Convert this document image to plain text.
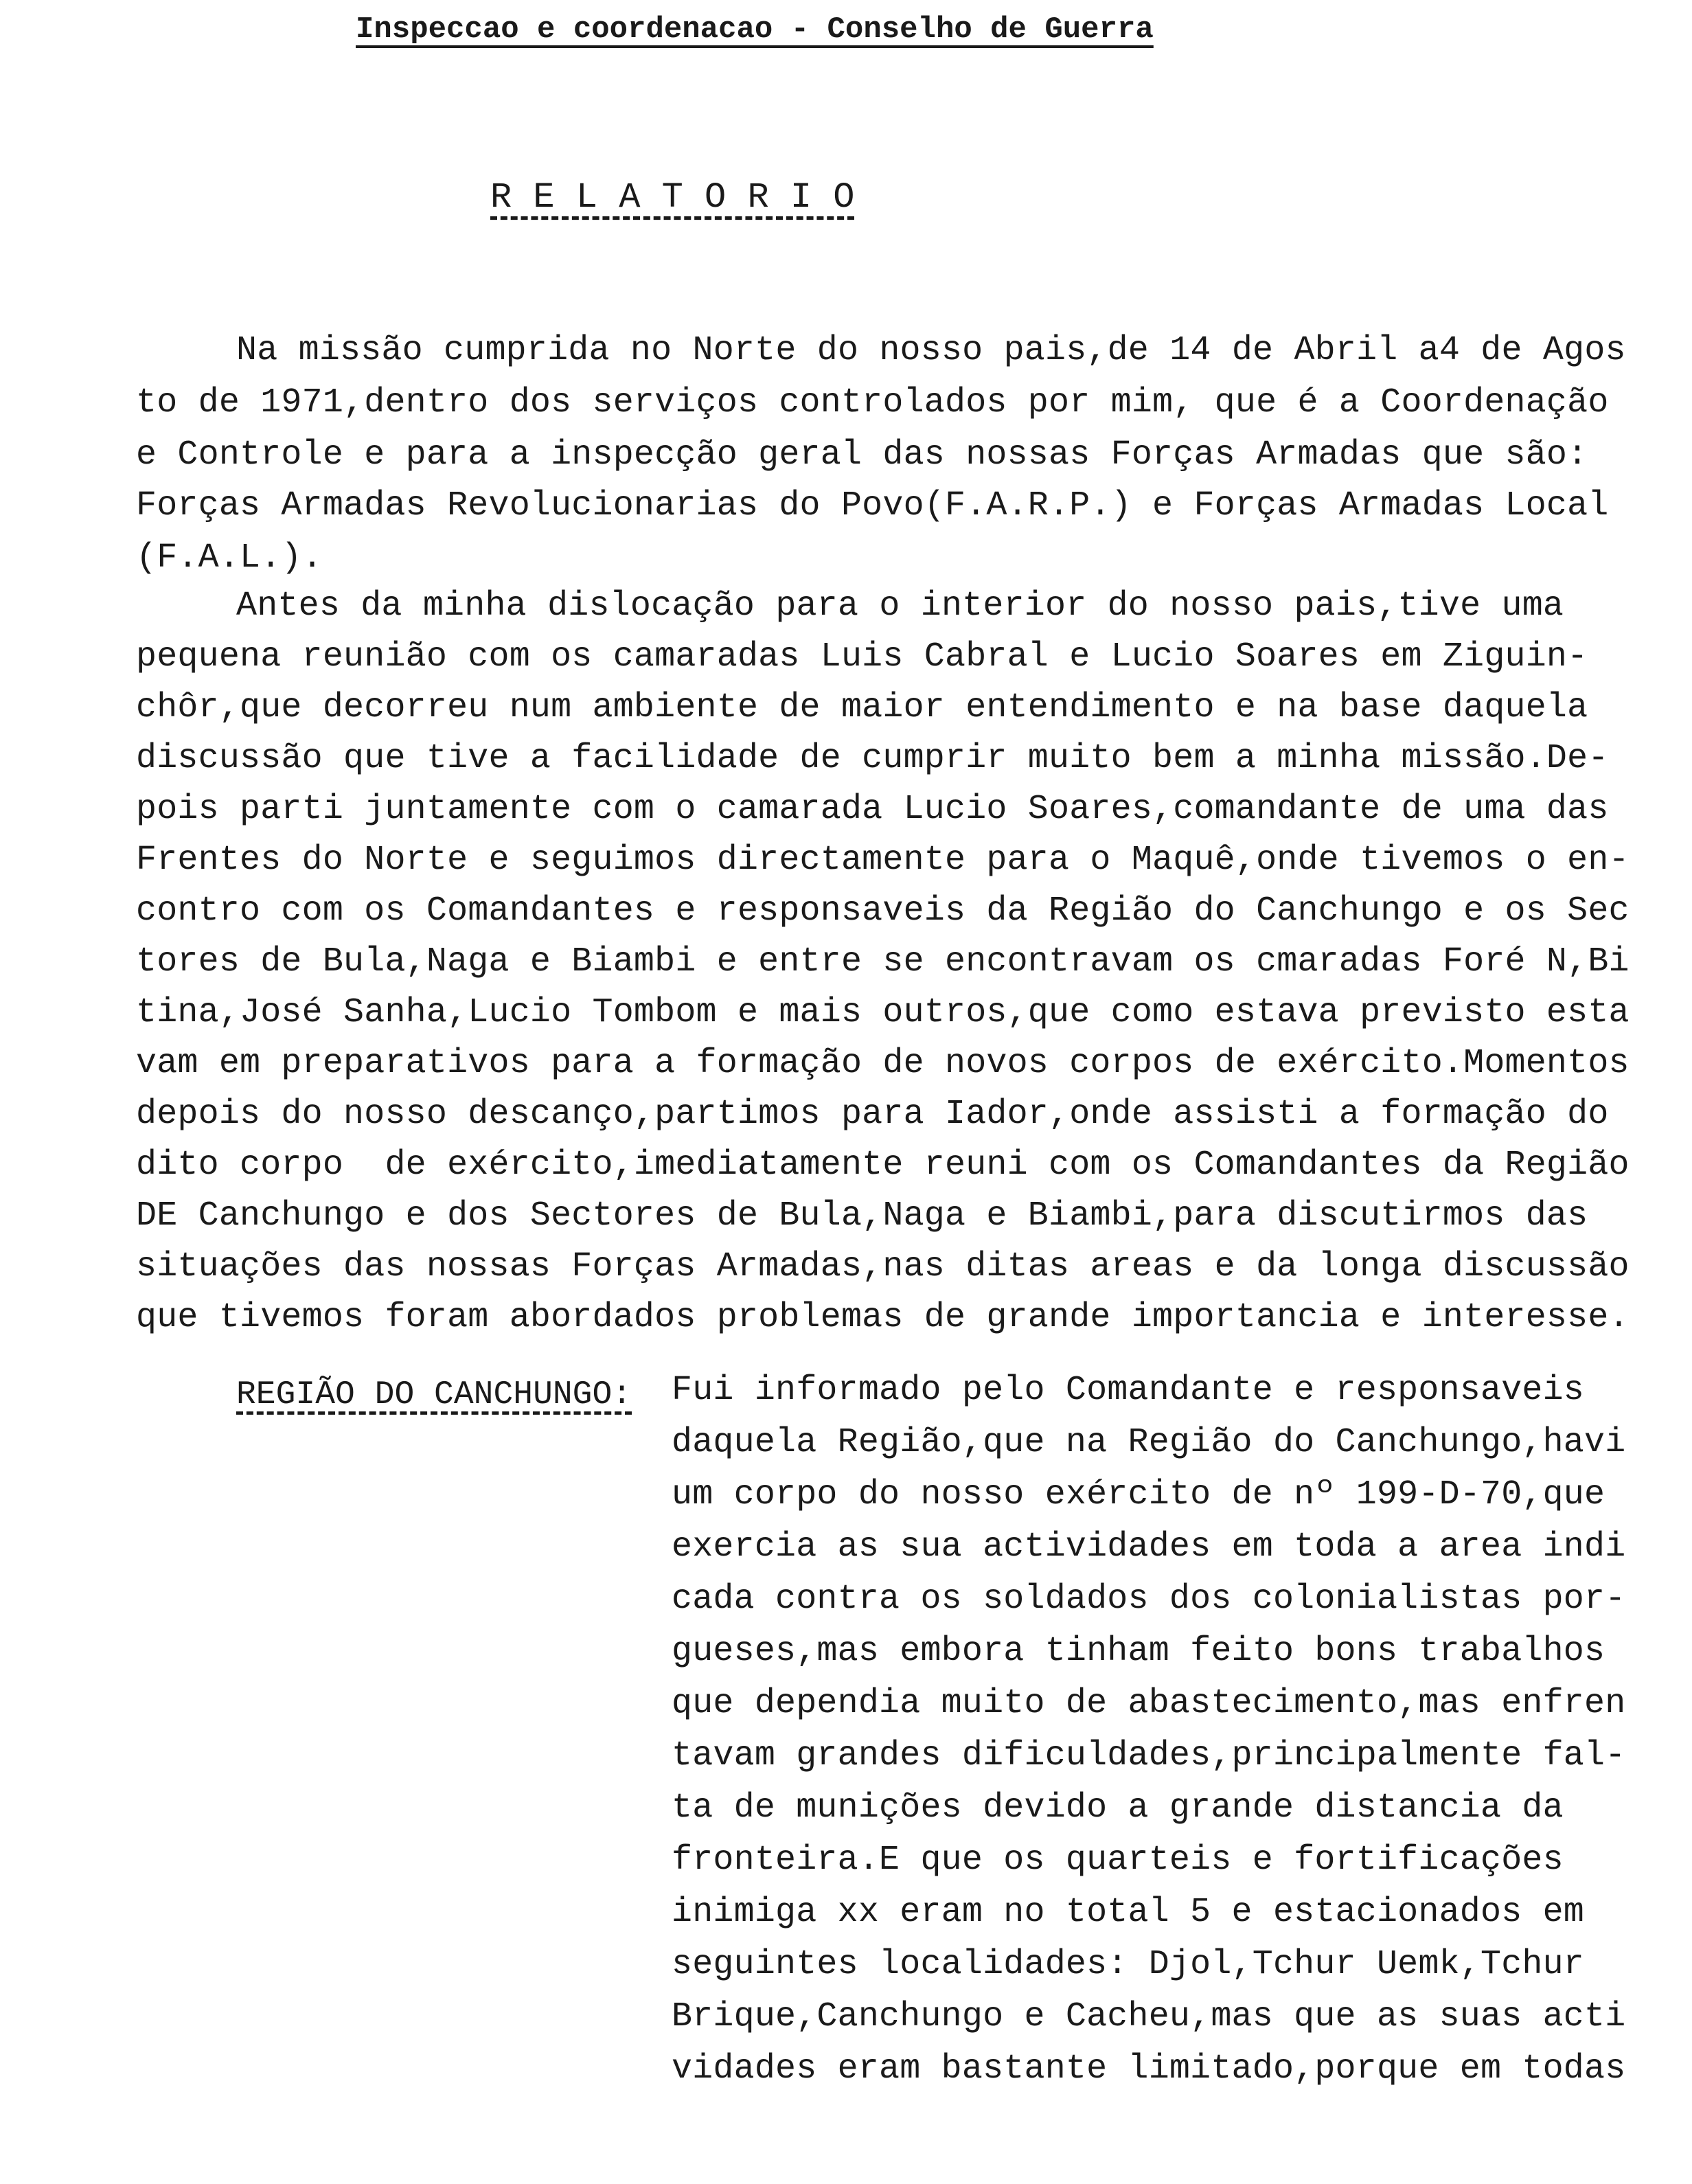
Inspeccao e coordenacao - Conselho de Guerra
R E L A T O R I O
Na missão cumprida no Norte do nosso pais,de 14 de Abril a4 de Agos
to de 1971,dentro dos serviços controlados por mim, que é a Coordenação
e Controle e para a inspecção geral das nossas Forças Armadas que são:
Forças Armadas Revolucionarias do Povo(F.A.R.P.) e Forças Armadas Local
(F.A.L.).
Antes da minha dislocação para o interior do nosso pais,tive uma
pequena reunião com os camaradas Luis Cabral e Lucio Soares em Ziguin-
chôr,que decorreu num ambiente de maior entendimento e na base daquela
discussão que tive a facilidade de cumprir muito bem a minha missão.De-
pois parti juntamente com o camarada Lucio Soares,comandante de uma das
Frentes do Norte e seguimos directamente para o Maquê,onde tivemos o en-
contro com os Comandantes e responsaveis da Região do Canchungo e os Sec
tores de Bula,Naga e Biambi e entre se encontravam os cmaradas Foré N,Bi
tina,José Sanha,Lucio Tombom e mais outros,que como estava previsto esta
vam em preparativos para a formação de novos corpos de exército.Momentos
depois do nosso descanço,partimos para Iador,onde assisti a formação do
dito corpo  de exército,imediatamente reuni com os Comandantes da Região
DE Canchungo e dos Sectores de Bula,Naga e Biambi,para discutirmos das
situações das nossas Forças Armadas,nas ditas areas e da longa discussão
que tivemos foram abordados problemas de grande importancia e interesse.
REGIÃO DO CANCHUNGO: Fui informado pelo Comandante e responsaveis
daquela Região,que na Região do Canchungo,havi
um corpo do nosso exército de nº 199-D-70,que
exercia as sua actividades em toda a area indi
cada contra os soldados dos colonialistas por-
gueses,mas embora tinham feito bons trabalhos
que dependia muito de abastecimento,mas enfren
tavam grandes dificuldades,principalmente fal-
ta de munições devido a grande distancia da
fronteira.E que os quarteis e fortificações
inimiga xx eram no total 5 e estacionados em
seguintes localidades: Djol,Tchur Uemk,Tchur
Brique,Canchungo e Cacheu,mas que as suas acti
vidades eram bastante limitado,porque em todas
